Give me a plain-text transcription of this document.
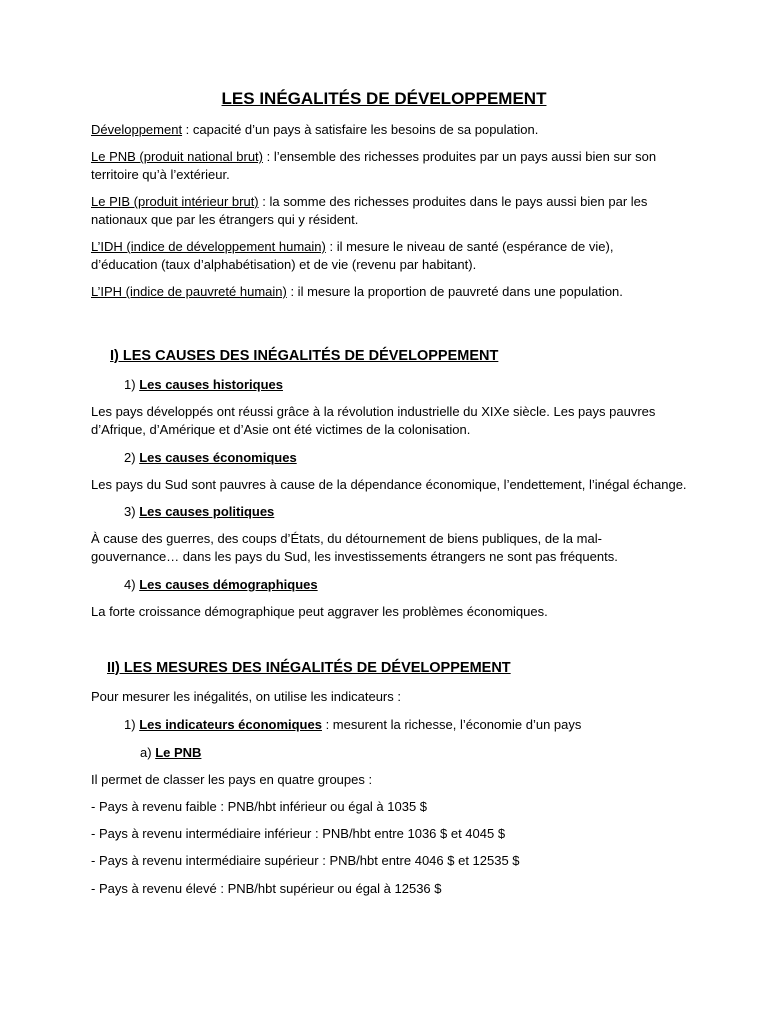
LES INÉGALITÉS DE DÉVELOPPEMENT

Développement : capacité d’un pays à satisfaire les besoins de sa population.

Le PNB (produit national brut) : l’ensemble des richesses produites par un pays aussi bien sur son

territoire qu’à l’extérieur.

Le PIB (produit intérieur brut) : la somme des richesses produites dans le pays aussi bien par les

nationaux que par les étrangers qui y résident.

L’IDH (indice de développement humain) : il mesure le niveau de santé (espérance de vie),

d’éducation (taux d’alphabétisation) et de vie (revenu par habitant).

L’IPH (indice de pauvreté humain) : il mesure la proportion de pauvreté dans une population.

I) LES CAUSES DES INÉGALITÉS DE DÉVELOPPEMENT

1) Les causes historiques

Les pays développés ont réussi grâce à la révolution industrielle du XIXe siècle. Les pays pauvres

d’Afrique, d’Amérique et d’Asie ont été victimes de la colonisation.

2) Les causes économiques

Les pays du Sud sont pauvres à cause de la dépendance économique, l’endettement, l’inégal échange.

3) Les causes politiques

À cause des guerres, des coups d’États, du détournement de biens publiques, de la mal-

gouvernance… dans les pays du Sud, les investissements étrangers ne sont pas fréquents.

4) Les causes démographiques

La forte croissance démographique peut aggraver les problèmes économiques.

II) LES MESURES DES INÉGALITÉS DE DÉVELOPPEMENT

Pour mesurer les inégalités, on utilise les indicateurs :

1) Les indicateurs économiques : mesurent la richesse, l’économie d’un pays

a) Le PNB

Il permet de classer les pays en quatre groupes :

- Pays à revenu faible : PNB/hbt inférieur ou égal à 1035 $

- Pays à revenu intermédiaire inférieur : PNB/hbt entre 1036 $ et 4045 $

- Pays à revenu intermédiaire supérieur : PNB/hbt entre 4046 $ et 12535 $

- Pays à revenu élevé : PNB/hbt supérieur ou égal à 12536 $
